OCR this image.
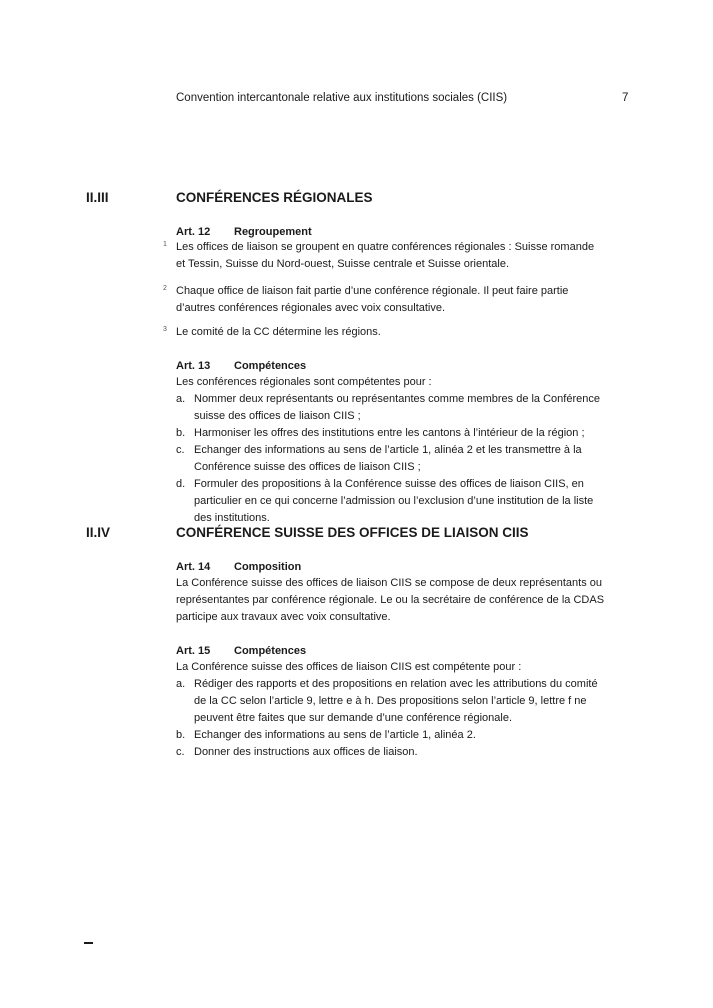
Convention intercantonale relative aux institutions sociales (CIIS)	7
II.III	CONFÉRENCES RÉGIONALES
Art. 12 Regroupement
1 Les offices de liaison se groupent en quatre conférences régionales : Suisse romande
et Tessin, Suisse du Nord-ouest, Suisse centrale et Suisse orientale.
2 Chaque office de liaison fait partie d’une conférence régionale. Il peut faire partie
d’autres conférences régionales avec voix consultative.
3 Le comité de la CC détermine les régions.
Art. 13 Compétences
Les conférences régionales sont compétentes pour :
a. Nommer deux représentants ou représentantes comme membres de la Conférence
suisse des offices de liaison CIIS ;
b. Harmoniser les offres des institutions entre les cantons à l’intérieur de la région ;
c. Echanger des informations au sens de l’article 1, alinéa 2 et les transmettre à la
Conférence suisse des offices de liaison CIIS ;
d. Formuler des propositions à la Conférence suisse des offices de liaison CIIS, en
particulier en ce qui concerne l’admission ou l’exclusion d’une institution de la liste
des institutions.
II.IV	CONFÉRENCE SUISSE DES OFFICES DE LIAISON CIIS
Art. 14 Composition
La Conférence suisse des offices de liaison CIIS se compose de deux représentants ou
représentantes par conférence régionale. Le ou la secrétaire de conférence de la CDAS
participe aux travaux avec voix consultative.
Art. 15 Compétences
La Conférence suisse des offices de liaison CIIS est compétente pour :
a. Rédiger des rapports et des propositions en relation avec les attributions du comité
de la CC selon l’article 9, lettre e à h. Des propositions selon l’article 9, lettre f ne
peuvent être faites que sur demande d’une conférence régionale.
b. Echanger des informations au sens de l’article 1, alinéa 2.
c. Donner des instructions aux offices de liaison.
